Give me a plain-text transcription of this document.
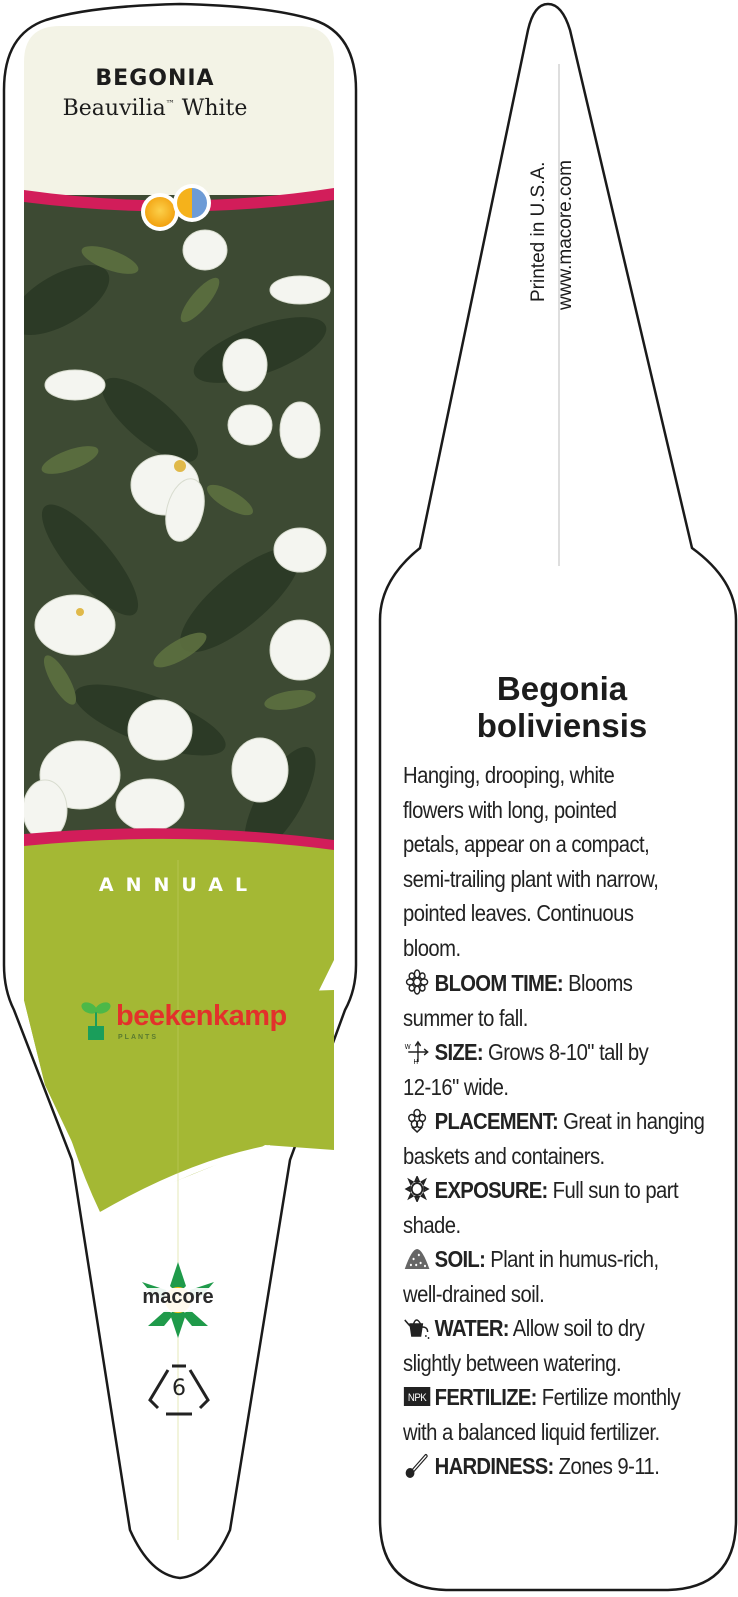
BEGONIA
Beauvilia™ White
ANNUAL
beekenkamp
PLANTS
macore
6
Printed in U.S.A. www.macore.com
Begonia
boliviensis
Hanging, drooping, white
flowers with long, pointed
petals, appear on a compact,
semi-trailing plant with narrow,
pointed leaves. Continuous
bloom.
BLOOM TIME: Blooms
summer to fall.
W
H SIZE: Grows 8-10" tall by
12-16" wide.
PLACEMENT: Great in hanging
baskets and containers.
EXPOSURE: Full sun to part
shade.
SOIL: Plant in humus-rich,
well-drained soil.
WATER: Allow soil to dry
slightly between watering.
NPK FERTILIZE: Fertilize monthly
with a balanced liquid fertilizer.
HARDINESS: Zones 9-11.
